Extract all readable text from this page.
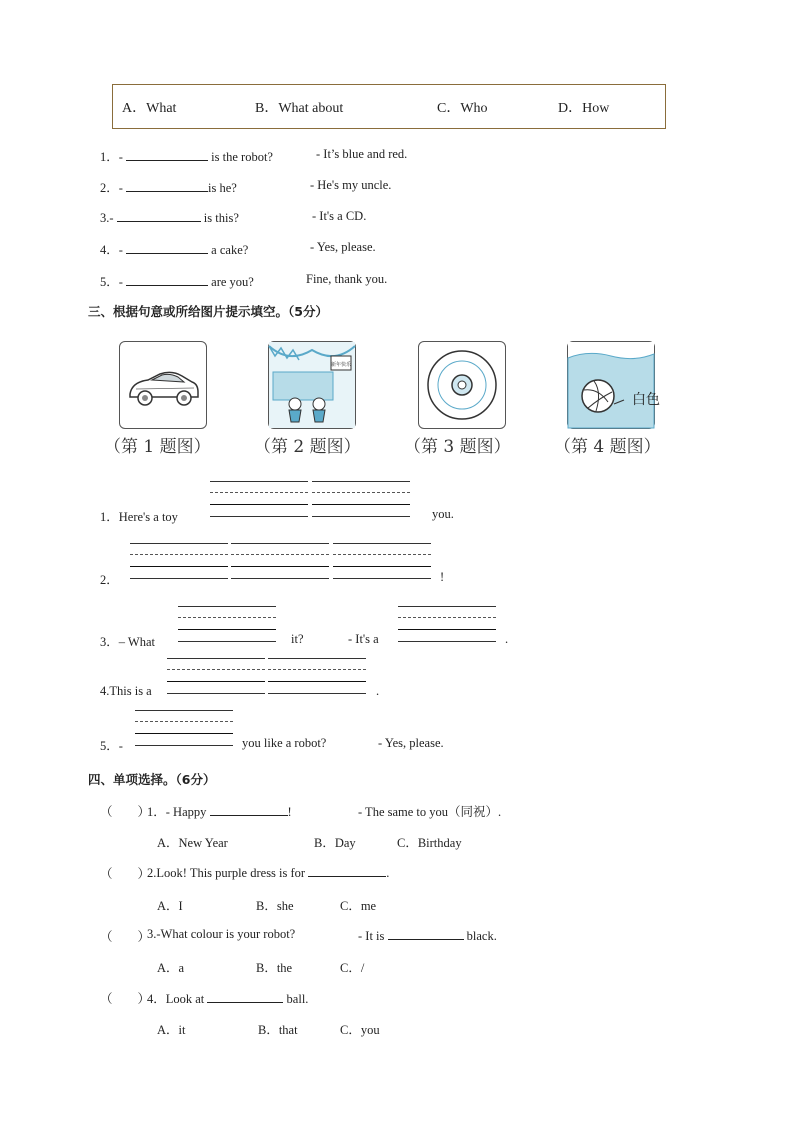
A．What	B．What about	C．Who	D．How
1．-	is the robot?	- It’s blue and red.
2．-	is he?	- He's my uncle.
3.-	is this?	- It's a CD.
4．-	a cake?	- Yes, please.
5．-	are you?	Fine, thank you.
三、根据句意或所给图片提示填空。（5分）
新年快乐
白色
（第 1 题图）	（第 2 题图）	（第 3 题图）	（第 4 题图）
1．Here's a toy	you.
2．	!
3．– What	it?	- It's a	.
4.This is a	.
5．-	you like a robot?	- Yes, please.
四、单项选择。（6分）
（　　）
1．- Happy	!	- The same to you（同祝）.
A．New Year	B．Day	C．Birthday
（　　）
2.Look! This purple dress is for	.
A．I	B．she	C．me
（　　）
3.-What colour is your robot?	- It is	black.
A．a	B．the	C．/
（　　）
4．Look at	ball.
A．it	B．that	C．you
